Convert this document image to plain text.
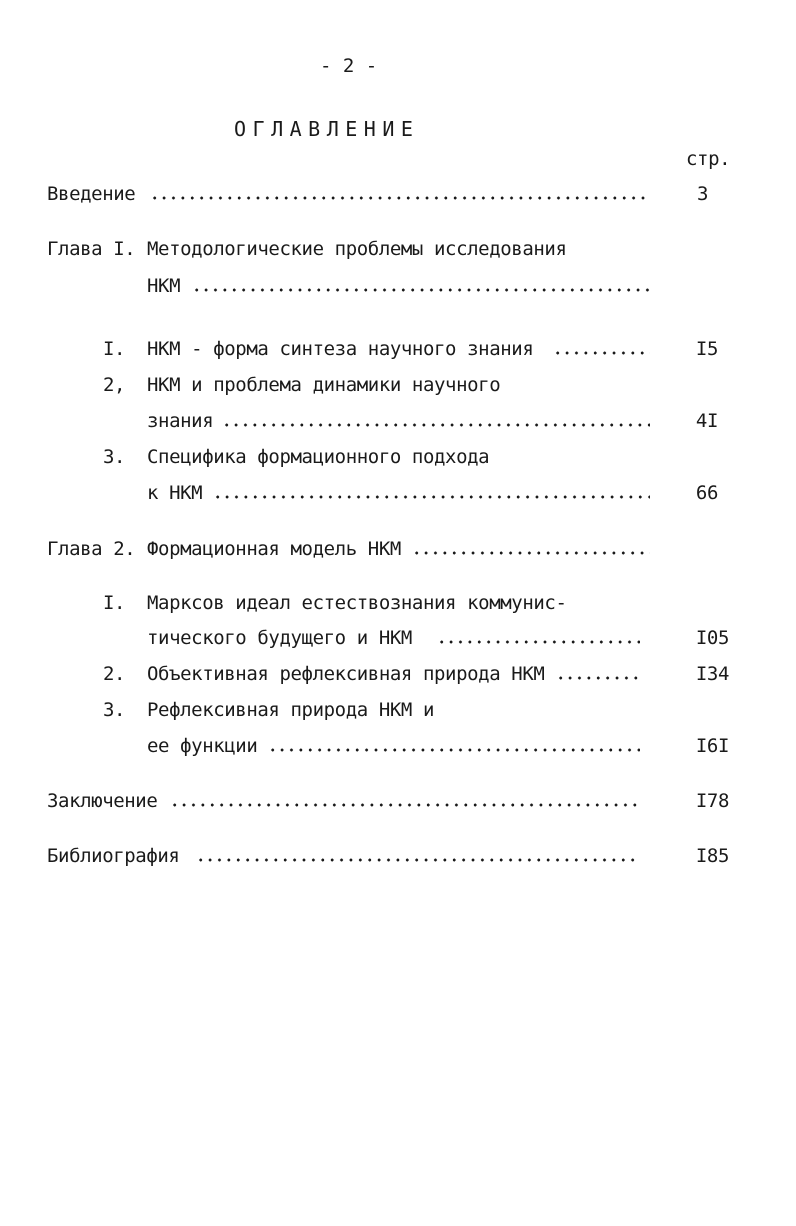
- 2 -
ОГЛАВЛЕНИЕ
стр.
Введение	3
Глава I. Методологические проблемы исследования
НКМ
I. НКМ - форма синтеза научного знания	I5
2, НКМ и проблема динамики научного
знания	4I
3. Специфика формационного подхода
к НКМ	66
Глава 2. Формационная модель НКМ
I. Марксов идеал естествознания коммунис-
тического будущего и НКМ	I05
2. Объективная рефлексивная природа НКМ	I34
3. Рефлексивная природа НКМ и
ее функции	I6I
Заключение	I78
Библиография	I85
